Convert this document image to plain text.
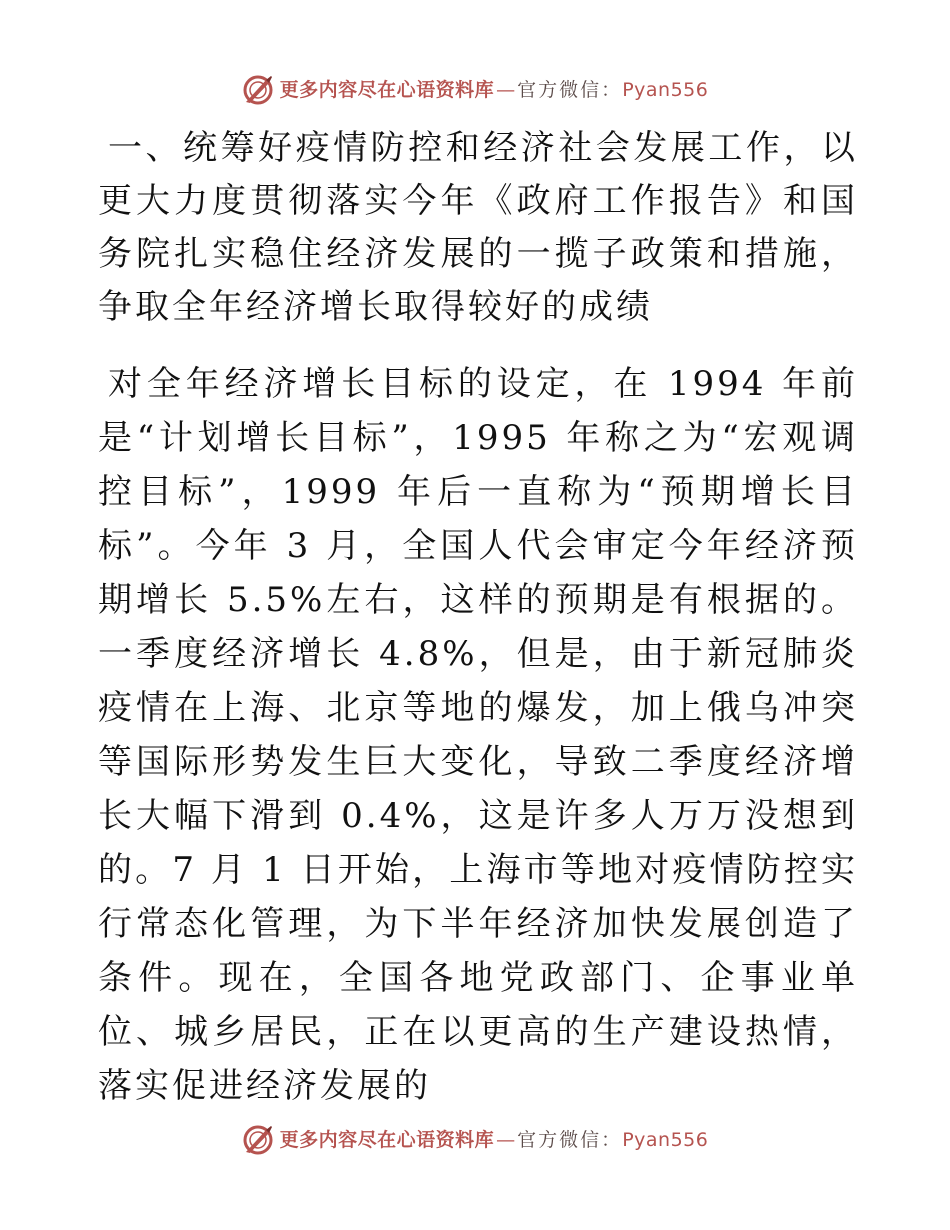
更多内容尽在心语资料库 — 官方微信： Pyan556

一、统筹好疫情防控和经济社会发展工作，以更大力度贯彻落实今年《政府工作报告》和国务院扎实稳住经济发展的一揽子政策和措施，争取全年经济增长取得较好的成绩

对全年经济增长目标的设定，在 1994 年前是“计划增长目标”，1995 年称之为“宏观调控目标”，1999 年后一直称为“预期增长目标”。今年 3 月，全国人代会审定今年经济预期增长 5.5%左右，这样的预期是有根据的。一季度经济增长 4.8%，但是，由于新冠肺炎疫情在上海、北京等地的爆发，加上俄乌冲突等国际形势发生巨大变化，导致二季度经济增长大幅下滑到 0.4%，这是许多人万万没想到的。7 月 1 日开始，上海市等地对疫情防控实行常态化管理，为下半年经济加快发展创造了条件。现在，全国各地党政部门、企事业单位、城乡居民，正在以更高的生产建设热情，落实促进经济发展的

更多内容尽在心语资料库 — 官方微信： Pyan556
